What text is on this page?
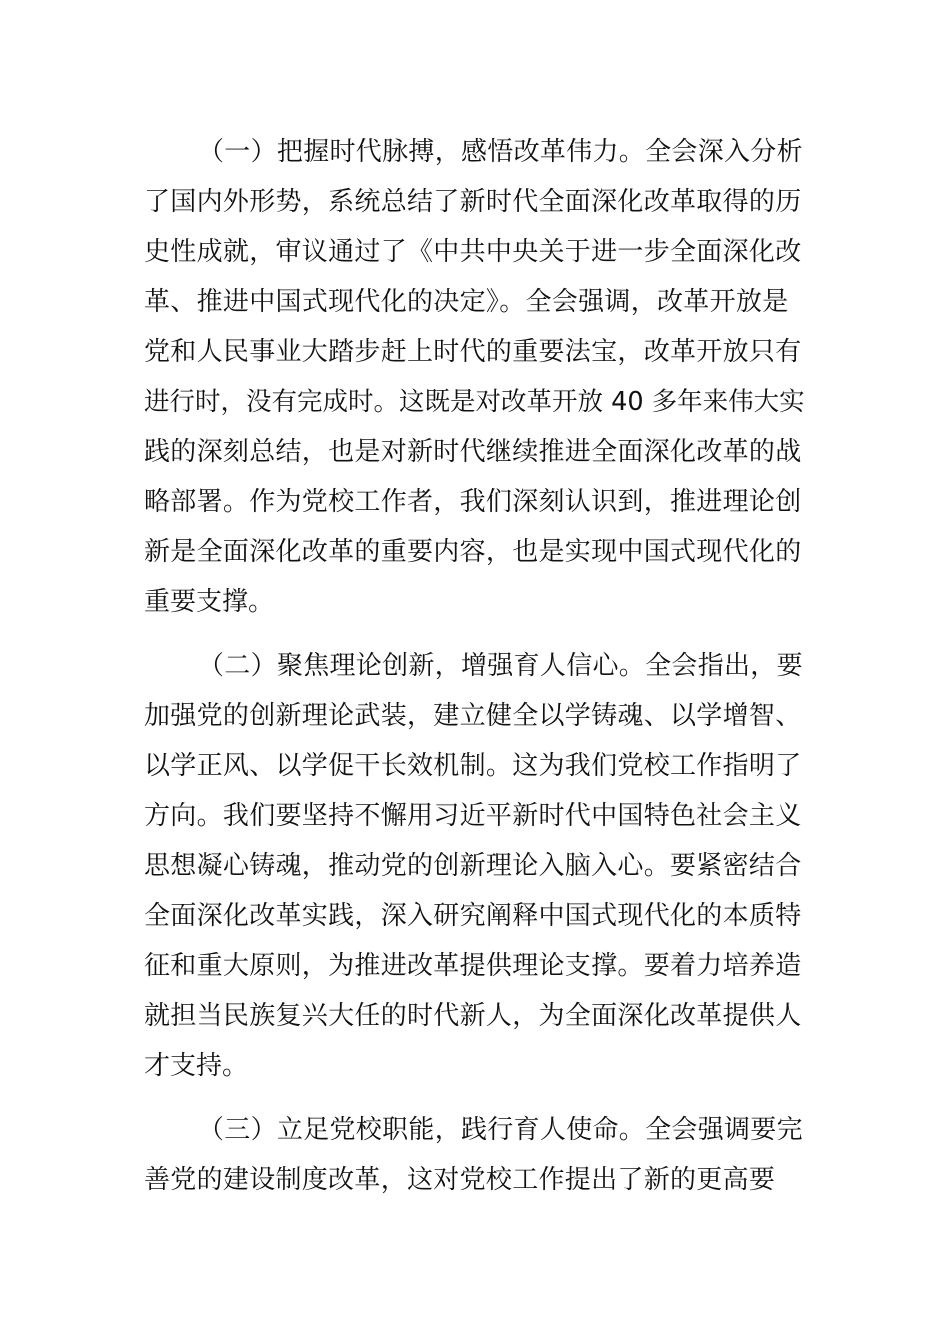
（一）把握时代脉搏，感悟改革伟力。全会深入分析
了国内外形势，系统总结了新时代全面深化改革取得的历
史性成就，审议通过了《中共中央关于进一步全面深化改
革、推进中国式现代化的决定》。全会强调，改革开放是
党和人民事业大踏步赶上时代的重要法宝，改革开放只有
进行时，没有完成时。这既是对改革开放 40 多年来伟大实
践的深刻总结，也是对新时代继续推进全面深化改革的战
略部署。作为党校工作者，我们深刻认识到，推进理论创
新是全面深化改革的重要内容，也是实现中国式现代化的
重要支撑。
（二）聚焦理论创新，增强育人信心。全会指出，要
加强党的创新理论武装，建立健全以学铸魂、以学增智、
以学正风、以学促干长效机制。这为我们党校工作指明了
方向。我们要坚持不懈用习近平新时代中国特色社会主义
思想凝心铸魂，推动党的创新理论入脑入心。要紧密结合
全面深化改革实践，深入研究阐释中国式现代化的本质特
征和重大原则，为推进改革提供理论支撑。要着力培养造
就担当民族复兴大任的时代新人，为全面深化改革提供人
才支持。
（三）立足党校职能，践行育人使命。全会强调要完
善党的建设制度改革，这对党校工作提出了新的更高要
